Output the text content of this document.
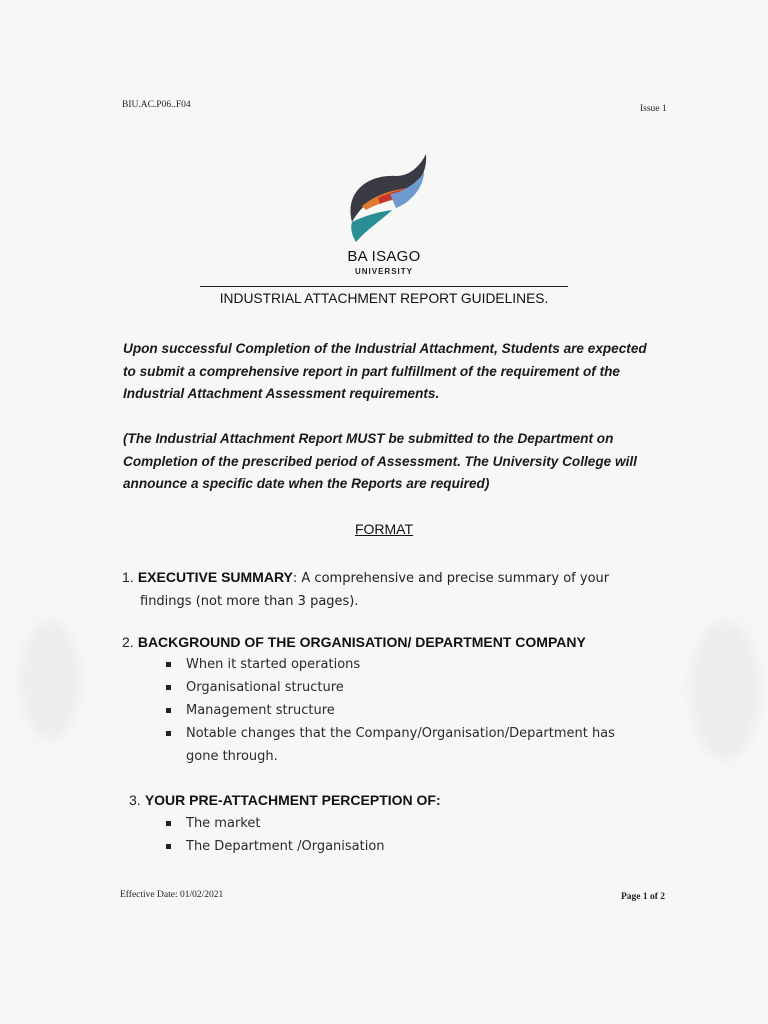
BIU.AC.P06..F04	Issue 1
BA ISAGO
UNIVERSITY
INDUSTRIAL ATTACHMENT REPORT GUIDELINES.
Upon successful Completion of the Industrial Attachment, Students are expected to submit a comprehensive report in part fulfillment of the requirement of the Industrial Attachment Assessment requirements.
(The Industrial Attachment Report MUST be submitted to the Department on Completion of the prescribed period of Assessment. The University College will announce a specific date when the Reports are required)
FORMAT
1. EXECUTIVE SUMMARY: A comprehensive and precise summary of your
findings (not more than 3 pages).
2. BACKGROUND OF THE ORGANISATION/ DEPARTMENT COMPANY
When it started operations
Organisational structure
Management structure
Notable changes that the Company/Organisation/Department has gone through.
3. YOUR PRE-ATTACHMENT PERCEPTION OF:
The market
The Department /Organisation
Effective Date: 01/02/2021	Page 1 of 2
